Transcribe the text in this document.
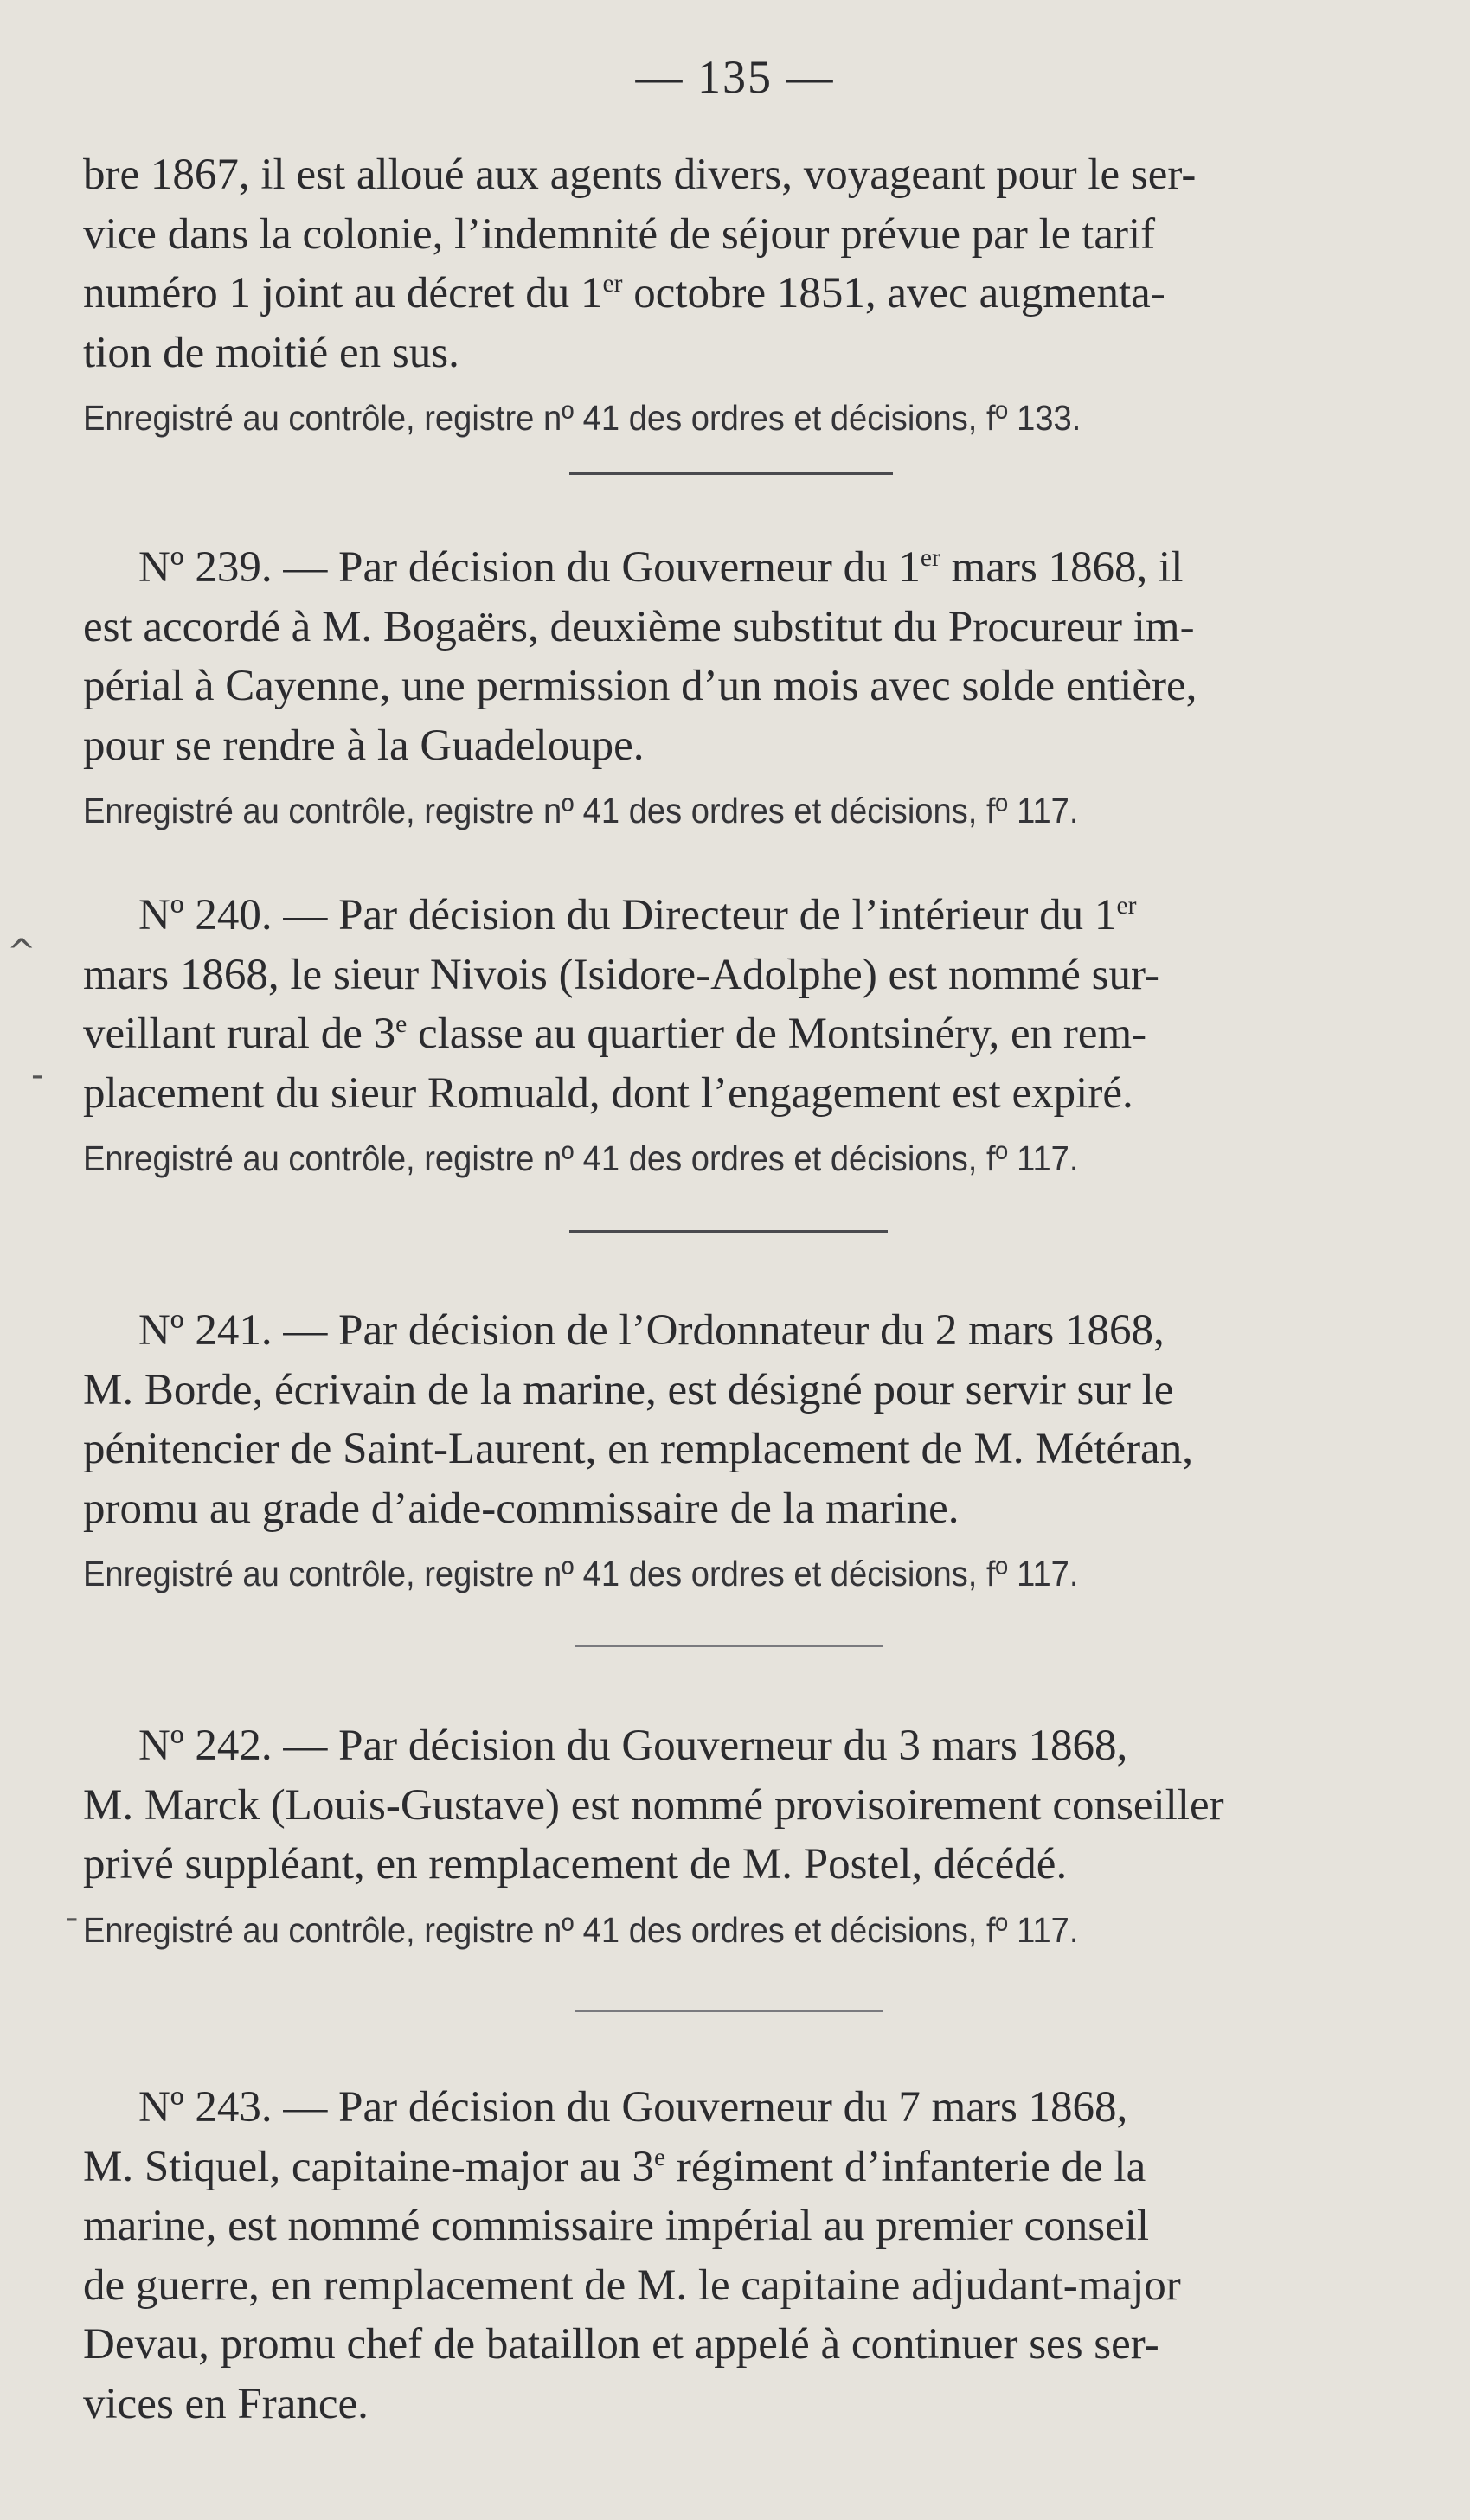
— 135 —

bre 1867, il est alloué aux agents divers, voyageant pour le ser-
vice dans la colonie, l’indemnité de séjour prévue par le tarif
numéro 1 joint au décret du 1er octobre 1851, avec augmenta-
tion de moitié en sus.

Enregistré au contrôle, registre nº 41 des ordres et décisions, fº 133.

Nº 239. — Par décision du Gouverneur du 1er mars 1868, il
est accordé à M. Bogaërs, deuxième substitut du Procureur im-
périal à Cayenne, une permission d’un mois avec solde entière,
pour se rendre à la Guadeloupe.

Enregistré au contrôle, registre nº 41 des ordres et décisions, fº 117.

Nº 240. — Par décision du Directeur de l’intérieur du 1er
mars 1868, le sieur Nivois (Isidore-Adolphe) est nommé sur-
veillant rural de 3e classe au quartier de Montsinéry, en rem-
placement du sieur Romuald, dont l’engagement est expiré.

Enregistré au contrôle, registre nº 41 des ordres et décisions, fº 117.

Nº 241. — Par décision de l’Ordonnateur du 2 mars 1868,
M. Borde, écrivain de la marine, est désigné pour servir sur le
pénitencier de Saint-Laurent, en remplacement de M. Météran,
promu au grade d’aide-commissaire de la marine.

Enregistré au contrôle, registre nº 41 des ordres et décisions, fº 117.

Nº 242. — Par décision du Gouverneur du 3 mars 1868,
M. Marck (Louis-Gustave) est nommé provisoirement conseiller
privé suppléant, en remplacement de M. Postel, décédé.

Enregistré au contrôle, registre nº 41 des ordres et décisions, fº 117.

Nº 243. — Par décision du Gouverneur du 7 mars 1868,
M. Stiquel, capitaine-major au 3e régiment d’infanterie de la
marine, est nommé commissaire impérial au premier conseil
de guerre, en remplacement de M. le capitaine adjudant-major
Devau, promu chef de bataillon et appelé à continuer ses ser-
vices en France.

^
-
-
